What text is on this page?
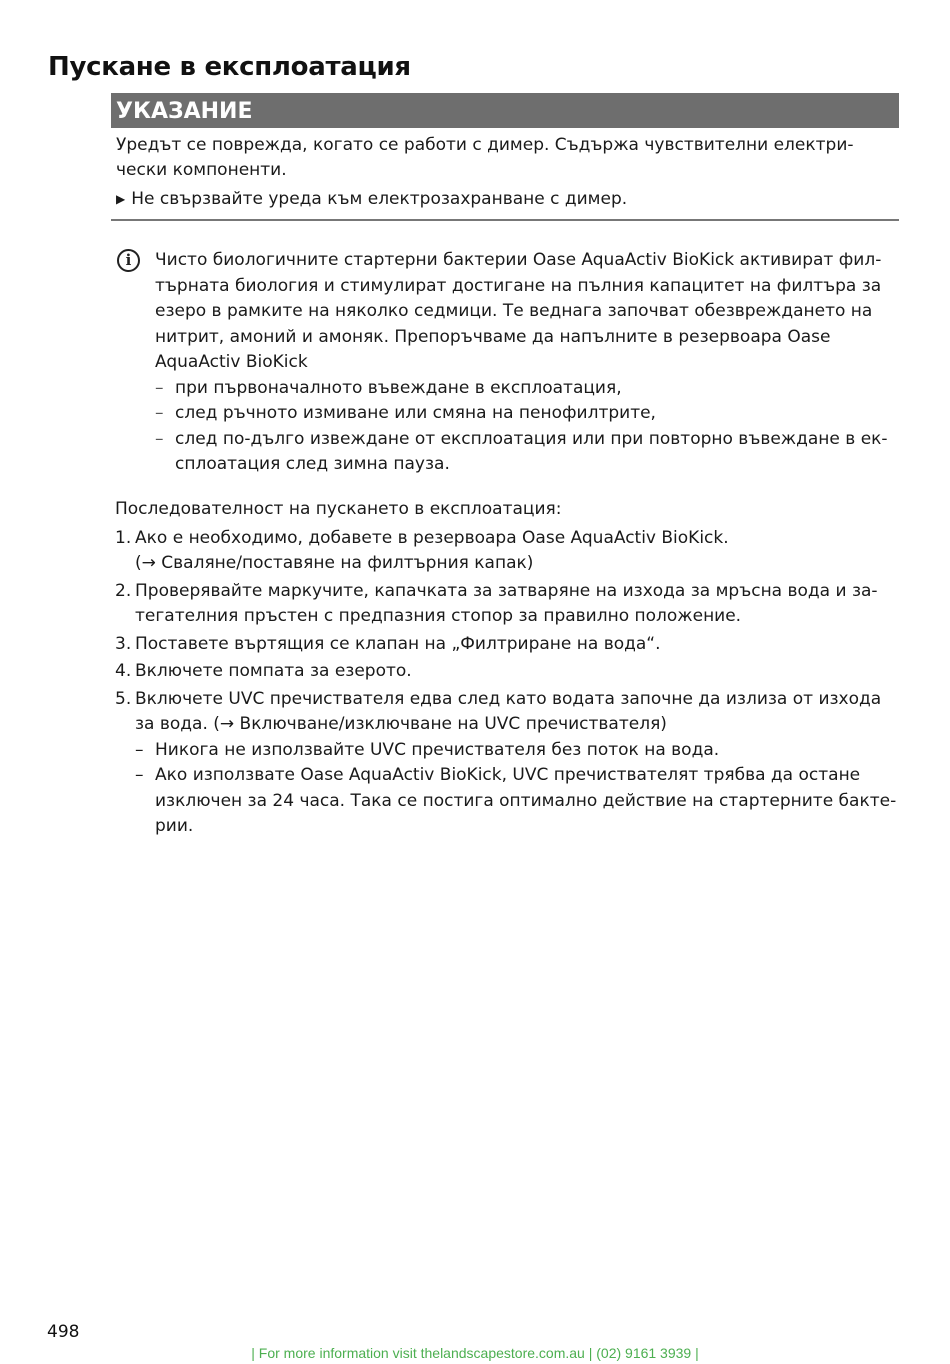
Пускане в експлоатация
УКАЗАНИЕ

Уредът се поврежда, когато се работи с димер. Съдържа чувствителни електри-
чески компоненти.

▶ Не свързвайте уреда към електрозахранване с димер.

i	Чисто биологичните стартерни бактерии Oase AquaActiv BioKick активират фил-
търната биология и стимулират достигане на пълния капацитет на филтъра за
езеро в рамките на няколко седмици. Те веднага започват обезвреждането на
нитрит, амоний и амоняк. Препоръчваме да напълните в резервоара Oase
AquaActiv BioKick

– при първоначалното въвеждане в експлоатация,
– след ръчното измиване или смяна на пенофилтрите,
– след по-дълго извеждане от експлоатация или при повторно въвеждане в ек-
сплоатация след зимна пауза.

Последователност на пускането в експлоатация:

1. Ако е необходимо, добавете в резервоара Oase AquaActiv BioKick.
(→ Сваляне/поставяне на филтърния капак)
2. Проверявайте маркучите, капачката за затваряне на изхода за мръсна вода и за-
тегателния пръстен с предпазния стопор за правилно положение.
3. Поставете въртящия се клапан на „Филтриране на вода“.
4. Включете помпата за езерото.
5. Включете UVC пречиствателя едва след като водата започне да излиза от изхода
за вода. (→ Включване/изключване на UVC пречиствателя)
– Никога не използвайте UVC пречиствателя без поток на вода.
– Ако използвате Oase AquaActiv BioKick, UVC пречиствателят трябва да остане
изключен за 24 часа. Така се постига оптимално действие на стартерните бакте-
рии.
498
| For more information visit thelandscapestore.com.au | (02) 9161 3939 |
